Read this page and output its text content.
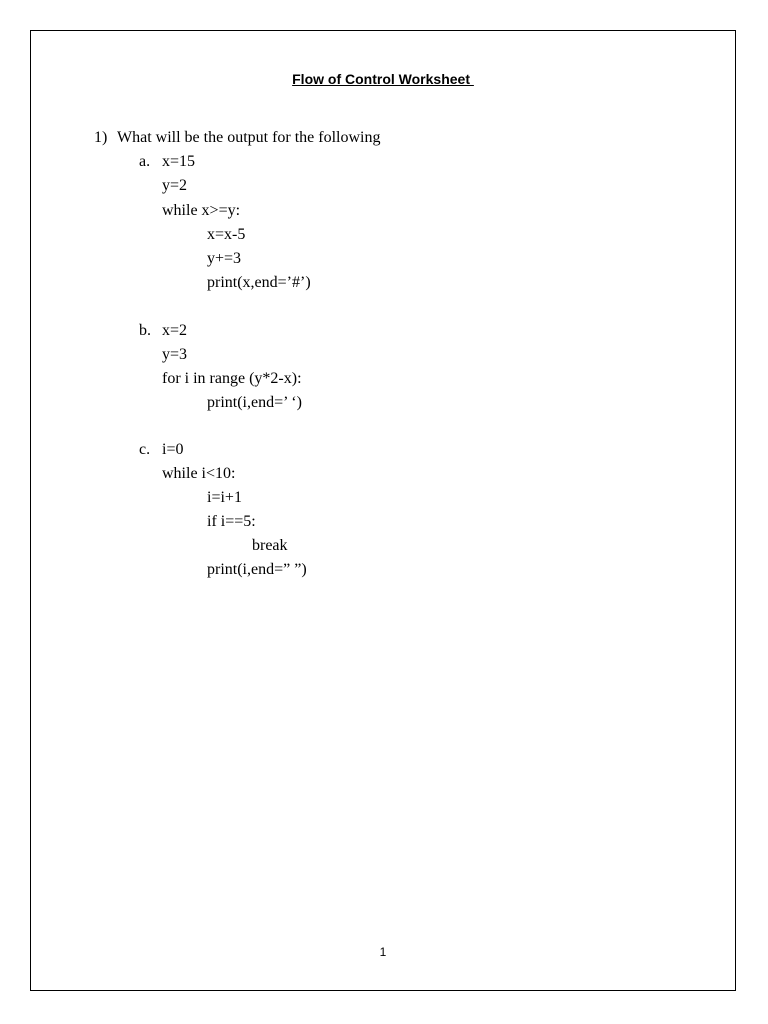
Flow of Control Worksheet
1) What will be the output for the following
a. x=15
y=2
while x>=y:
x=x-5
y+=3
print(x,end=’#’)
b. x=2
y=3
for i in range (y*2-x):
print(i,end=’ ‘)
c. i=0
while i<10:
i=i+1
if i==5:
break
print(i,end=” ”)
1
